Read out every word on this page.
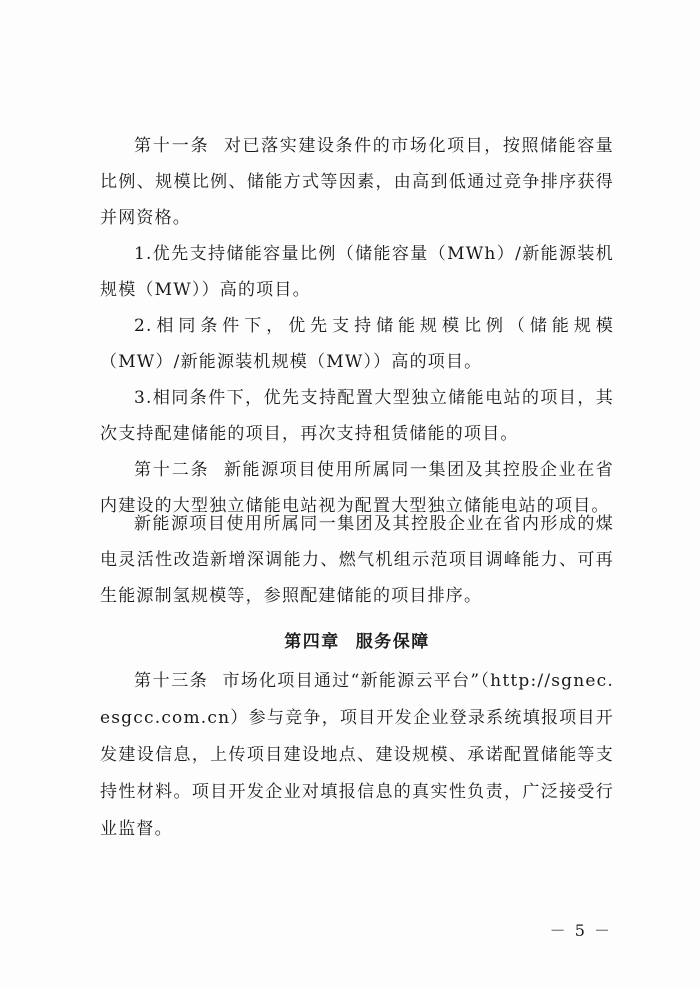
第十一条 对已落实建设条件的市场化项目，按照储能容量比例、规模比例、储能方式等因素，由高到低通过竞争排序获得并网资格。

1.优先支持储能容量比例（储能容量（MWh）/新能源装机规模（MW））高的项目。

2.相同条件下，优先支持储能规模比例（储能规模（MW）/新能源装机规模（MW））高的项目。

3.相同条件下，优先支持配置大型独立储能电站的项目，其次支持配建储能的项目，再次支持租赁储能的项目。

第十二条 新能源项目使用所属同一集团及其控股企业在省内建设的大型独立储能电站视为配置大型独立储能电站的项目。

新能源项目使用所属同一集团及其控股企业在省内形成的煤电灵活性改造新增深调能力、燃气机组示范项目调峰能力、可再生能源制氢规模等，参照配建储能的项目排序。

第四章 服务保障

第十三条 市场化项目通过“新能源云平台”（http://sgnec.esgcc.com.cn）参与竞争，项目开发企业登录系统填报项目开发建设信息，上传项目建设地点、建设规模、承诺配置储能等支持性材料。项目开发企业对填报信息的真实性负责，广泛接受行业监督。

－ 5 －
